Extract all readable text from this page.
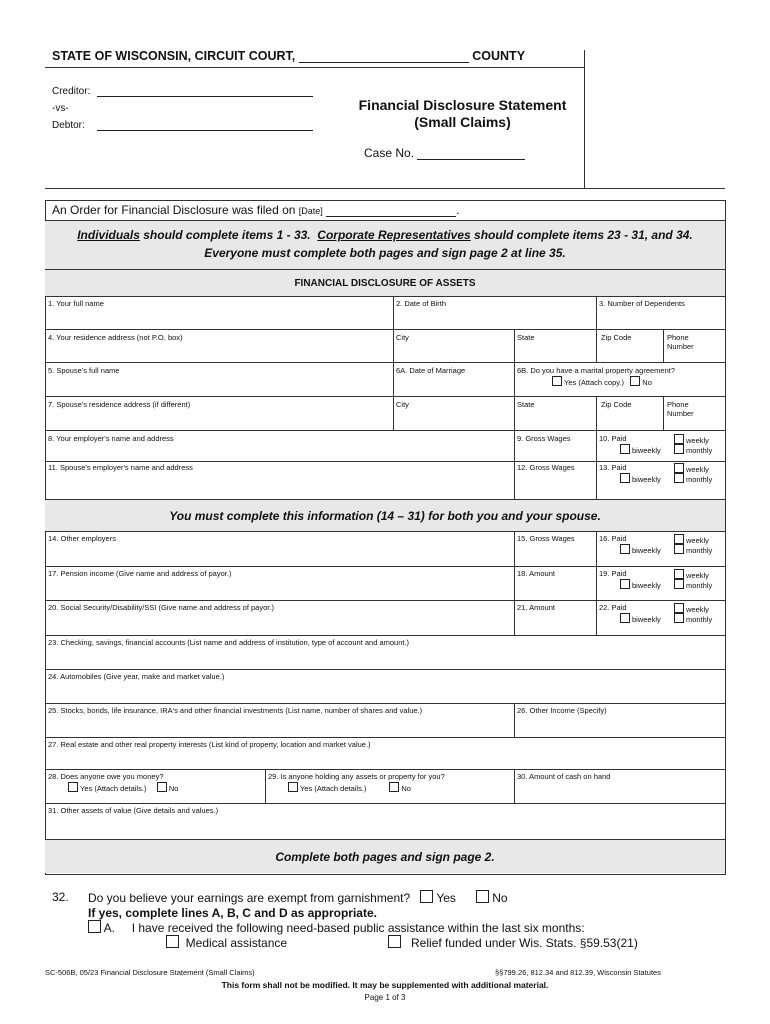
STATE OF WISCONSIN, CIRCUIT COURT,	COUNTY
Creditor:
-vs-
Debtor:
Financial Disclosure Statement
(Small Claims)
Case No.
An Order for Financial Disclosure was filed on [Date]	.
Individuals should complete items 1 - 33.  Corporate Representatives should complete items 23 - 31, and 34.
Everyone must complete both pages and sign page 2 at line 35.
FINANCIAL DISCLOSURE OF ASSETS
1. Your full name	2. Date of Birth	3. Number of Dependents
4. Your residence address (not P.O. box)	City	State	Zip Code	Phone
Number
5. Spouse's full name	6A. Date of Marriage	6B. Do you have a marital property agreement?
Yes (Attach copy.) No
7. Spouse's residence address (if different)	City	State	Zip Code	Phone
Number
8. Your employer's name and address	9. Gross Wages	10. Paid	weekly
biweekly	monthly

11. Spouse's employer's name and address	12. Gross Wages	13. Paid	weekly
biweekly	monthly

You must complete this information (14 – 31) for both you and your spouse.
14. Other employers	15. Gross Wages	16. Paid	weekly
biweekly	monthly

17. Pension income (Give name and address of payor.)	18. Amount	19. Paid	weekly
biweekly	monthly

20. Social Security/Disability/SSI (Give name and address of payor.)	21. Amount	22. Paid	weekly
biweekly	monthly

23. Checking, savings, financial accounts (List name and address of institution, type of account and amount.)
24. Automobiles (Give year, make and market value.)
25. Stocks, bonds, life insurance, IRA's and other financial investments (List name, number of shares and value.)	26. Other Income (Specify)
27. Real estate and other real property interests (List kind of property, location and market value.)
28. Does anyone owe you money?
Yes (Attach details.)	No
29. Is anyone holding any assets or property for you?
Yes (Attach details.)	No
30. Amount of cash on hand
31. Other assets of value (Give details and values.)
Complete both pages and sign page 2.
32. Do you believe your earnings are exempt from garnishment? Yes	No
If yes, complete lines A, B, C and D as appropriate.
A. I have received the following need-based public assistance within the last six months:
Medical assistance	Relief funded under Wis. Stats. §59.53(21)
SC-506B, 05/23 Financial Disclosure Statement (Small Claims)	§§799.26, 812.34 and 812.39, Wisconsin Statutes
This form shall not be modified. It may be supplemented with additional material.
Page 1 of 3
